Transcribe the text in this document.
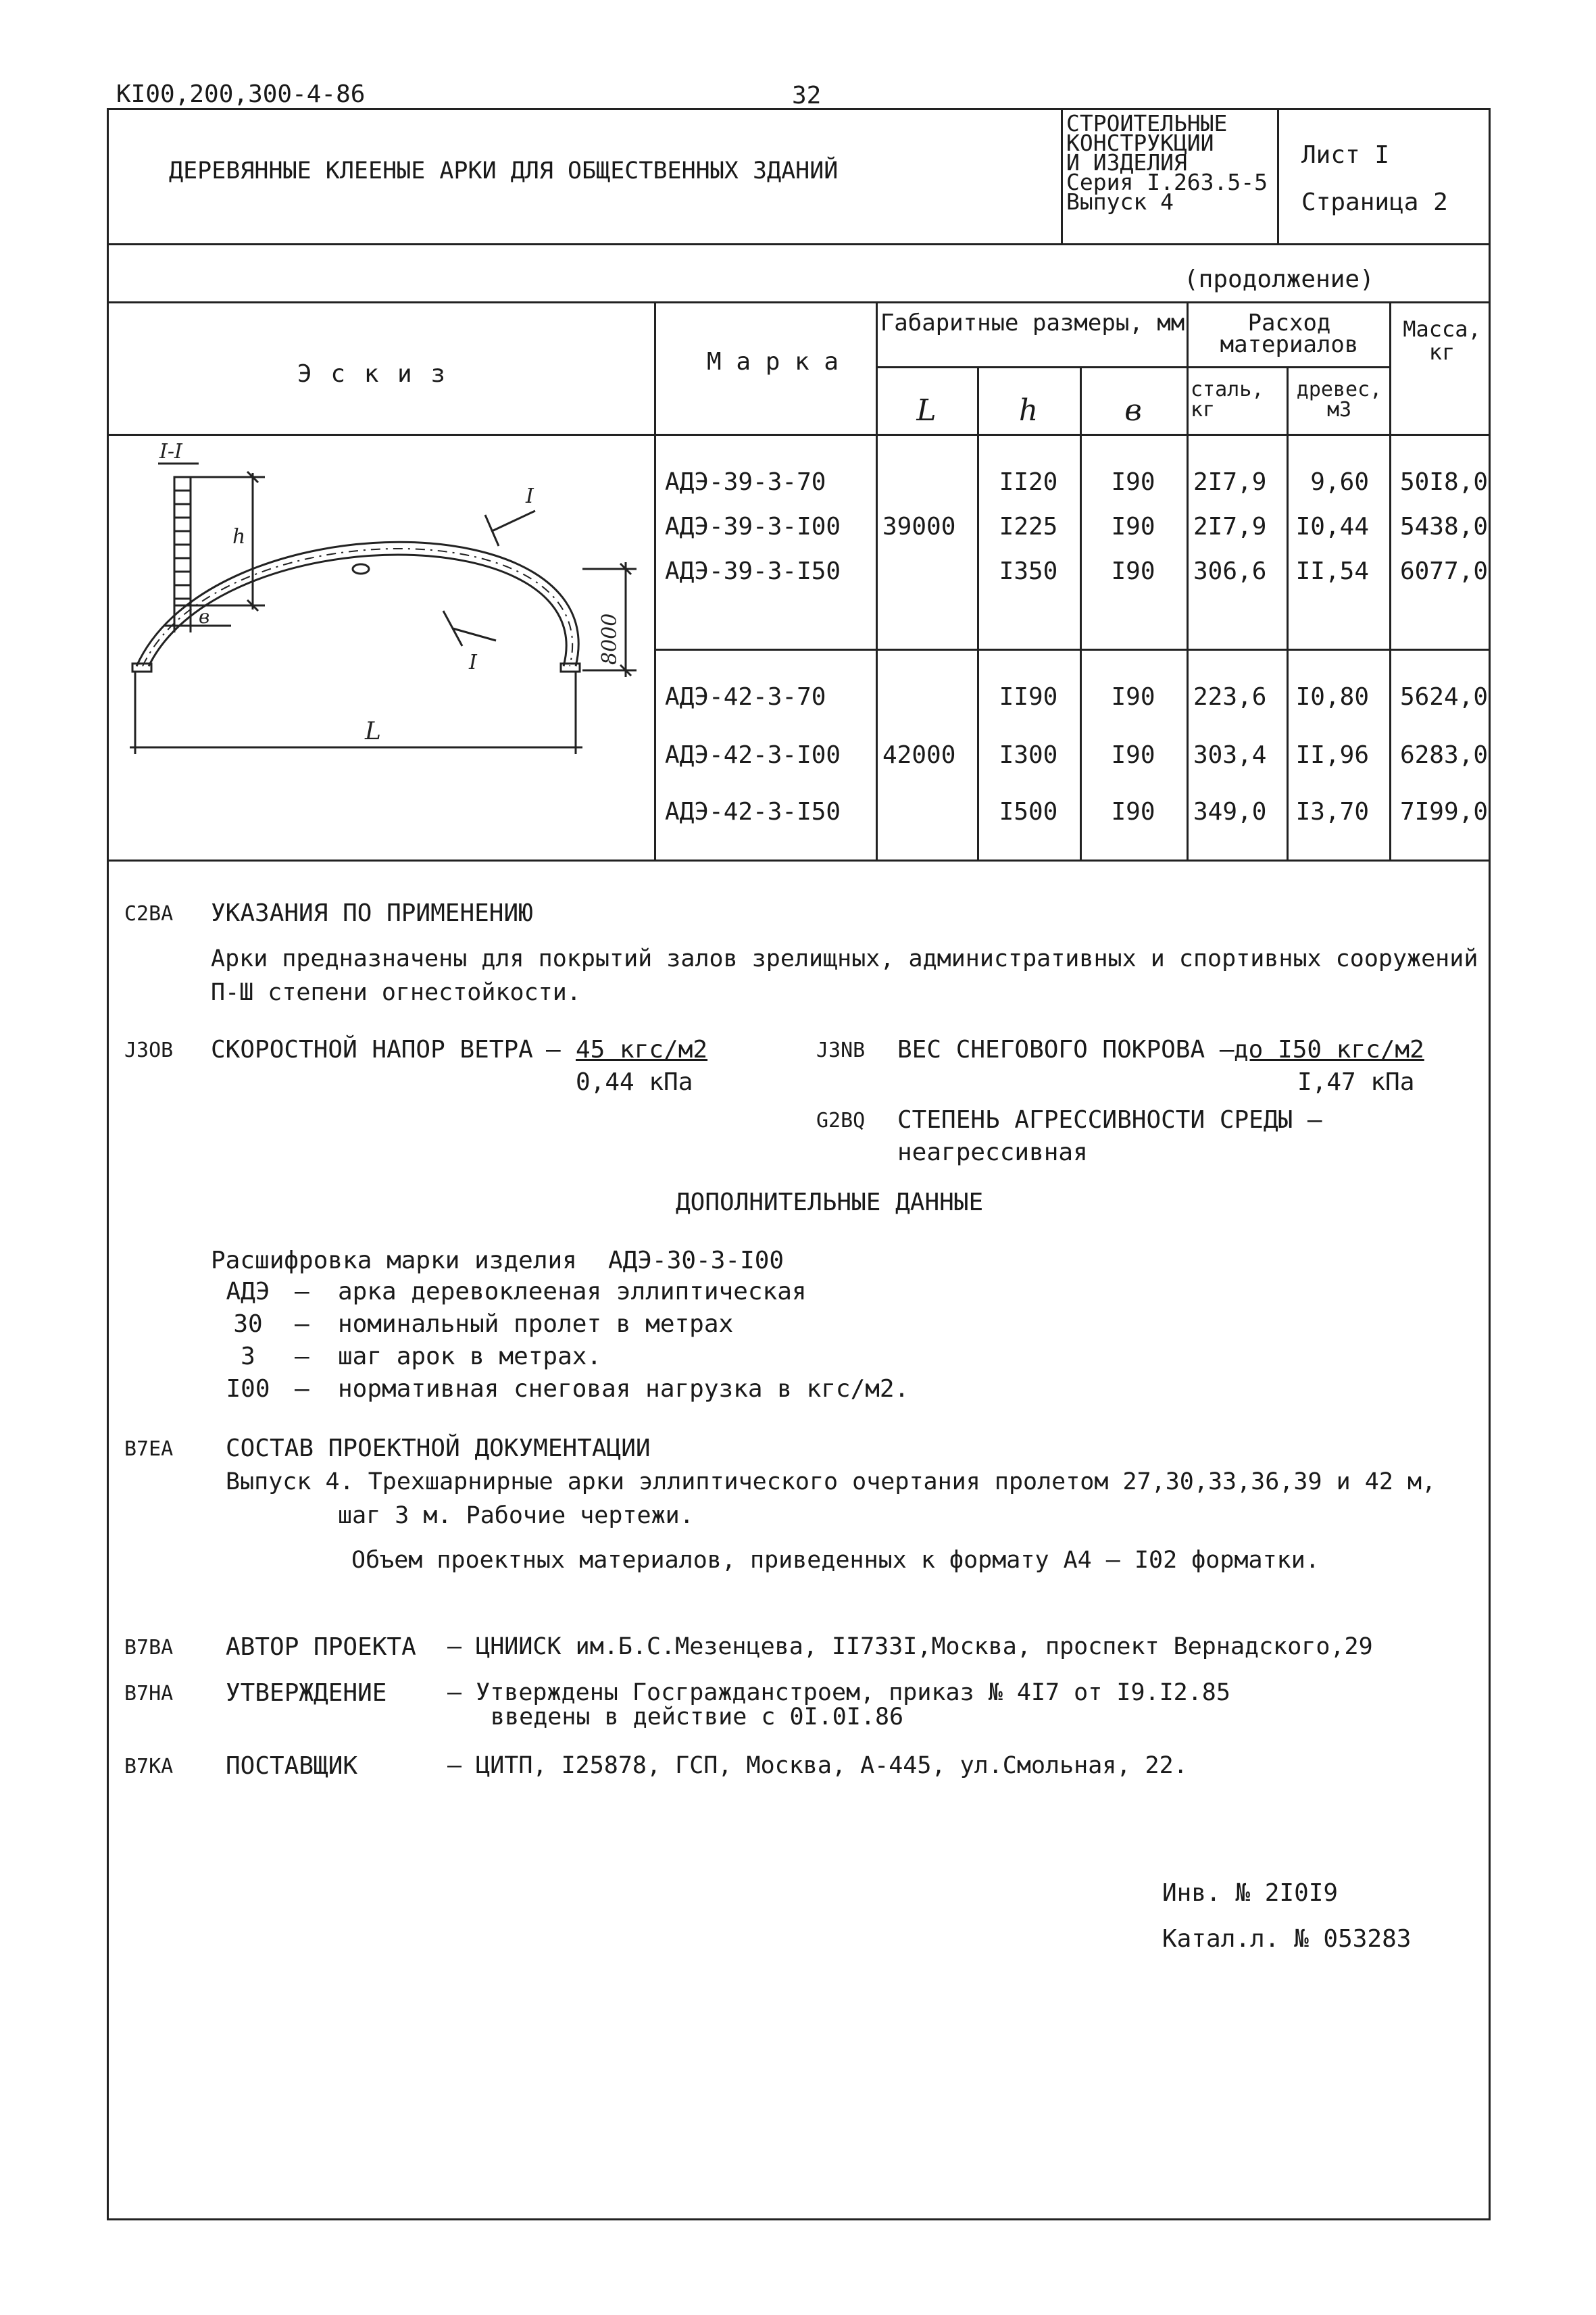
КI00,200,300-4-86	32
ДЕРЕВЯННЫЕ КЛЕЕНЫЕ АРКИ ДЛЯ ОБЩЕСТВЕННЫХ ЗДАНИЙ
СТРОИТЕЛЬНЫЕ
КОНСТРУКЦИИ
И ИЗДЕЛИЯ
Серия I.263.5-5
Выпуск 4
Лист I
Страница 2
(продолжение)
Э с к и з	М а р к а
Габаритные размеры, мм
L	h	в
Расход материалов
сталь, кг
древес, м3
Масса, кг
39000
АДЭ-39-3-70	II20	I90	2I7,9	9,60	50I8,0
АДЭ-39-3-I00	I225	I90	2I7,9	I0,44	5438,0
АДЭ-39-3-I50	I350	I90	306,6	II,54	6077,0
42000
АДЭ-42-3-70	II90	I90	223,6	I0,80	5624,0
АДЭ-42-3-I00	I300	I90	303,4	II,96	6283,0
АДЭ-42-3-I50	I500	I90	349,0	I3,70	7I99,0
I-I
h
в
I
I	8000
L
С2ВА УКАЗАНИЯ ПО ПРИМЕНЕНИЮ
Арки предназначены для покрытий залов зрелищных, административных и спортивных сооружений
П-Ш степени огнестойкости.
J3ОВ СКОРОСТНОЙ НАПОР ВЕТРА – 45 кгс/м2
0,44 кПа
J3NB ВЕС СНЕГОВОГО ПОКРОВА – до I50 кгс/м2
I,47 кПа
G2BQ СТЕПЕНЬ АГРЕССИВНОСТИ СРЕДЫ –
неагрессивная
ДОПОЛНИТЕЛЬНЫЕ ДАННЫЕ
Расшифровка марки изделия АДЭ-30-3-I00
АДЭ	– арка деревоклееная эллиптическая
30	– номинальный пролет в метрах
3	– шаг арок в метрах.
I00	– нормативная снеговая нагрузка в кгс/м2.
В7ЕА СОСТАВ ПРОЕКТНОЙ ДОКУМЕНТАЦИИ
Выпуск 4. Трехшарнирные арки эллиптического очертания пролетом 27,30,33,36,39 и 42 м,
шаг 3 м. Рабочие чертежи.
Объем проектных материалов, приведенных к формату А4 – I02 форматки.
В7ВА АВТОР ПРОЕКТА – ЦНИИСК им.Б.С.Мезенцева, II733I,Москва, проспект Вернадского,29
В7НА УТВЕРЖДЕНИЕ	– Утверждены Госгражданстроем, приказ № 4I7 от I9.I2.85
введены в действие с 0I.0I.86
В7КА ПОСТАВЩИК	– ЦИТП, I25878, ГСП, Москва, А-445, ул.Смольная, 22.
Инв. № 2I0I9
Катал.л. № 053283
